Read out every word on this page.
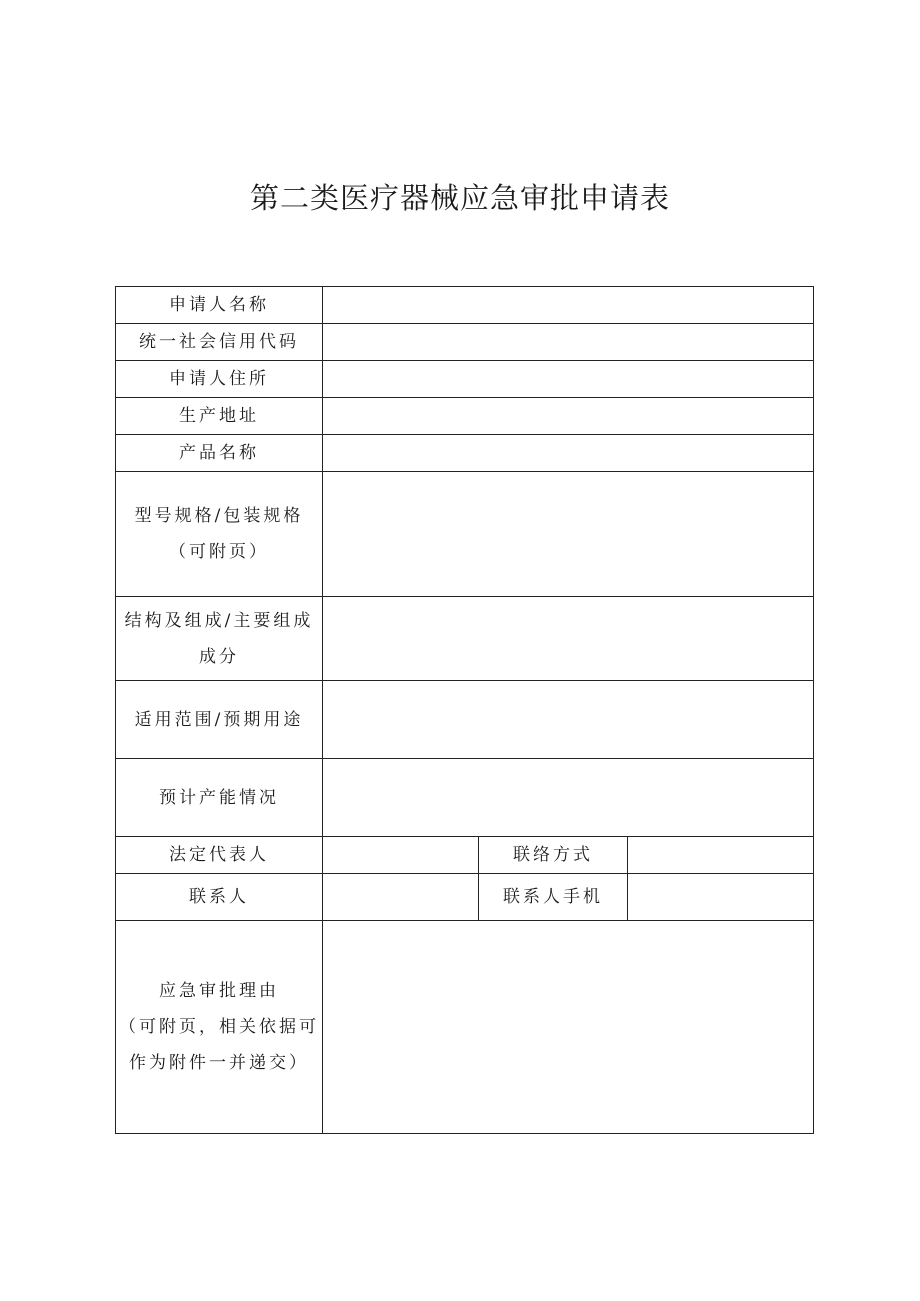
第二类医疗器械应急审批申请表
申请人名称			
统一社会信用代码			
申请人住所			
生产地址			
产品名称			

型号规格/包装规格
（可附页）			

结构及组成/主要组成
成分			

适用范围/预期用途			
预计产能情况			
法定代表人		联络方式	
联系人		联系人手机	

应急审批理由
（可附页，相关依据可
作为附件一并递交）			
